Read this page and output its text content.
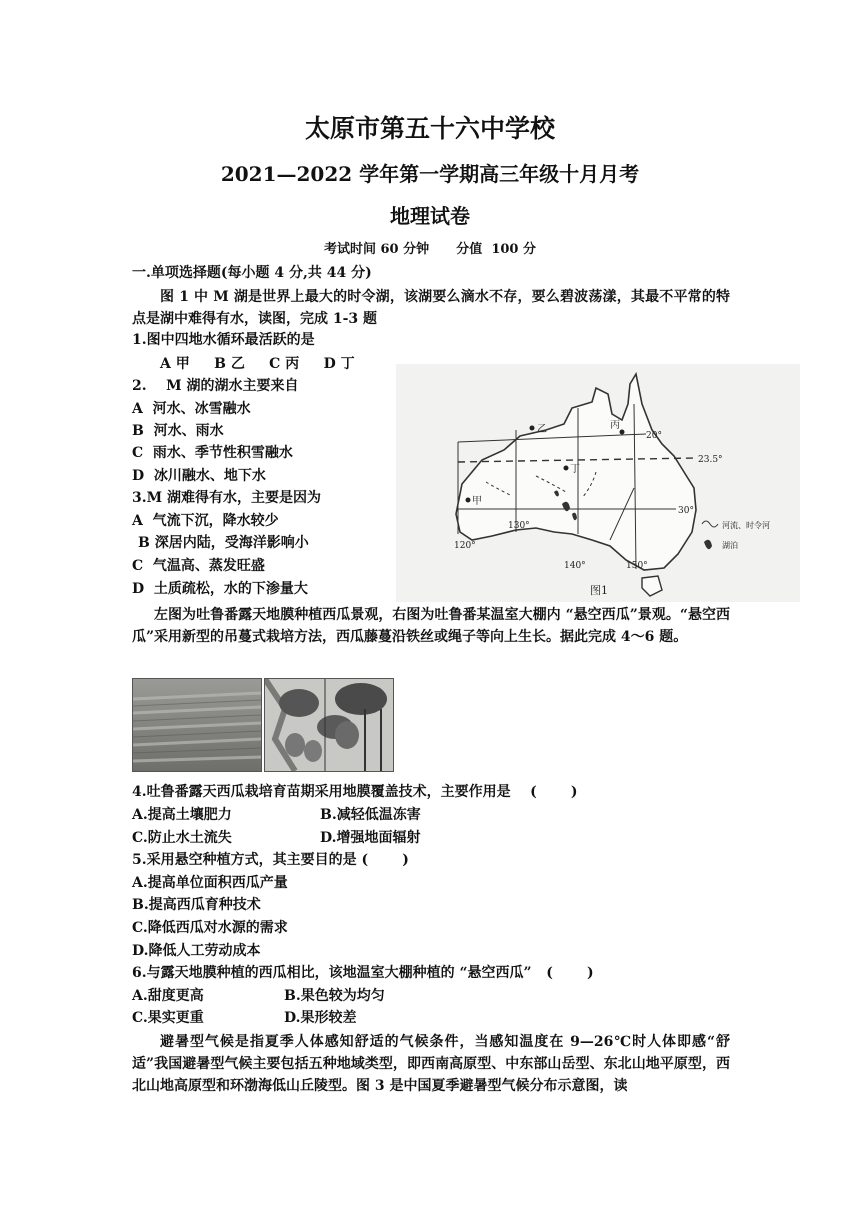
太原市第五十六中学校
2021—2022 学年第一学期高三年级十月月考
地理试卷
考试时间 60 分钟      分值  100 分
一.单项选择题(每小题 4 分,共 44 分)
图 1 中 M 湖是世界上最大的时令湖，该湖要么滴水不存，要么碧波荡漾，其最不平常的特点是湖中难得有水，读图，完成 1-3 题
1.图中四地水循环最活跃的是
A 甲     B 乙     C 丙     D 丁
2.    M 湖的湖水主要来自
A  河水、冰雪融水
B  河水、雨水
C  雨水、季节性积雪融水
D  冰川融水、地下水
3.M 湖难得有水，主要是因为
A  气流下沉，降水较少
B 深居内陆，受海洋影响小
C  气温高、蒸发旺盛
D  土质疏松，水的下渗量大
甲
乙	丙
丁
20°
23.5°
30°
120°
130°
140°	150°
河流、时令河
湖泊
图1
左图为吐鲁番露天地膜种植西瓜景观，右图为吐鲁番某温室大棚内 “悬空西瓜”景观。“悬空西瓜”采用新型的吊蔓式栽培方法，西瓜藤蔓沿铁丝或绳子等向上生长。据此完成 4～6 题。
4.吐鲁番露天西瓜栽培育苗期采用地膜覆盖技术，主要作用是    (       )
A.提高土壤肥力	B.减轻低温冻害
C.防止水土流失	D.增强地面辐射
5.采用悬空种植方式，其主要目的是 (       )
A.提高单位面积西瓜产量
B.提高西瓜育种技术
C.降低西瓜对水源的需求
D.降低人工劳动成本
6.与露天地膜种植的西瓜相比，该地温室大棚种植的 “悬空西瓜”   (       )
A.甜度更高	B.果色较为均匀
C.果实更重	D.果形较差
避暑型气候是指夏季人体感知舒适的气候条件，当感知温度在 9—26℃时人体即感“舒适”我国避暑型气候主要包括五种地域类型，即西南高原型、中东部山岳型、东北山地平原型，西北山地高原型和环渤海低山丘陵型。图 3 是中国夏季避暑型气候分布示意图，读
